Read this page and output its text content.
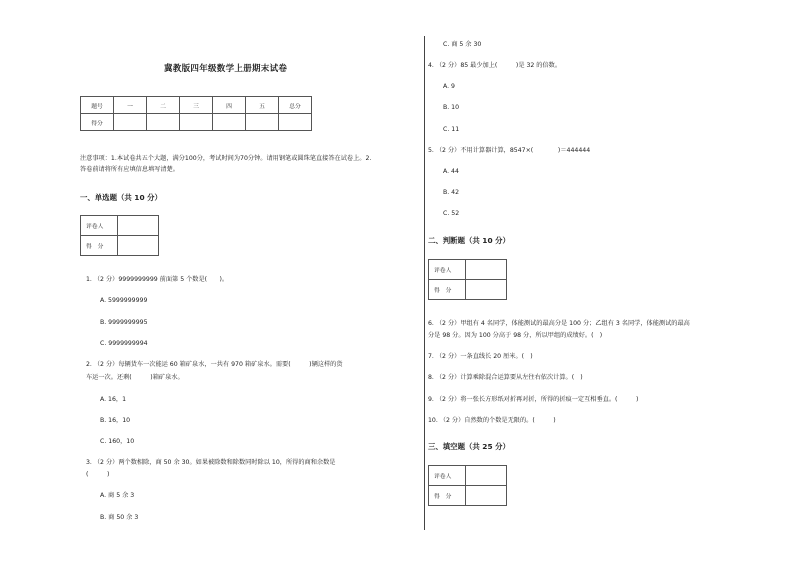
冀教版四年级数学上册期末试卷
题号	一	二	三	四	五	总分
得分						
注意事项：1.本试卷共五个大题，满分100分，考试时间为70分钟。请用钢笔或圆珠笔直接答在试卷上。2.
答卷前请将所有应填信息填写清楚。
一、单选题（共 10 分）
评卷人	
得　分	
1. （2 分）9999999999 前面第 5 个数是(　　)。
A. 5999999999
B. 9999999995
C. 9999999994
2. （2 分）每辆货车一次能运 60 箱矿泉水，一共有 970 箱矿泉水。需要(　　　)辆这样的货
车运一次。还剩(　　　)箱矿泉水。
A. 16，1
B. 16，10
C. 160，10
3. （2 分）两个数相除，商 50 余 30。如果被除数和除数同时除以 10，所得的商和余数是
(　　　)
A. 商 5 余 3
B. 商 50 余 3
C. 商 5 余 30
4. （2 分）85 最少加上(　　　)是 32 的倍数。
A. 9
B. 10
C. 11
5. （2 分）不用计算器计算，8547×(　　　　)＝444444
A. 44
B. 42
C. 52
二、判断题（共 10 分）
评卷人	
得　分	
6. （2 分）甲组有 4 名同学，体能测试的最高分是 100 分；乙组有 3 名同学，体能测试的最高
分是 98 分。因为 100 分高于 98 分，所以甲组的成绩好。(　)
7. （2 分）一条直线长 20 厘米。(　)
8. （2 分）计算乘除混合运算要从左往右依次计算。(　)
9. （2 分）将一张长方形纸对折再对折，所得的折痕一定互相垂直。(　　　)
10. （2 分）自然数的个数是无限的。(　　　)
三、填空题（共 25 分）
评卷人	
得　分	
